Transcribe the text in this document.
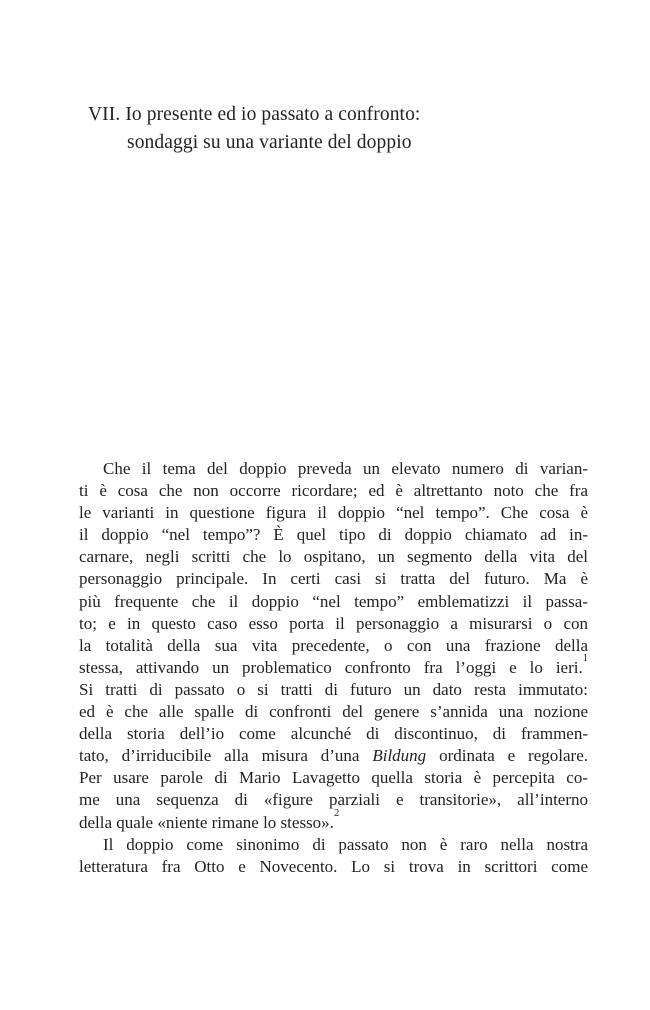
VII. Io presente ed io passato a confronto:
sondaggi su una variante del doppio
Che il tema del doppio preveda un elevato numero di varian-
ti è cosa che non occorre ricordare; ed è altrettanto noto che fra
le varianti in questione figura il doppio “nel tempo”. Che cosa è
il doppio “nel tempo”? È quel tipo di doppio chiamato ad in-
carnare, negli scritti che lo ospitano, un segmento della vita del
personaggio principale. In certi casi si tratta del futuro. Ma è
più frequente che il doppio “nel tempo” emblematizzi il passa-
to; e in questo caso esso porta il personaggio a misurarsi o con
la totalità della sua vita precedente, o con una frazione della
stessa, attivando un problematico confronto fra l’oggi e lo ieri.$^1$
Si tratti di passato o si tratti di futuro un dato resta immutato:
ed è che alle spalle di confronti del genere s’annida una nozione
della storia dell’io come alcunché di discontinuo, di frammen-
tato, d’irriducibile alla misura d’una Bildung ordinata e regolare.
Per usare parole di Mario Lavagetto quella storia è percepita co-
me una sequenza di «figure parziali e transitorie», all’interno
della quale «niente rimane lo stesso».$^2$
Il doppio come sinonimo di passato non è raro nella nostra
letteratura fra Otto e Novecento. Lo si trova in scrittori come
